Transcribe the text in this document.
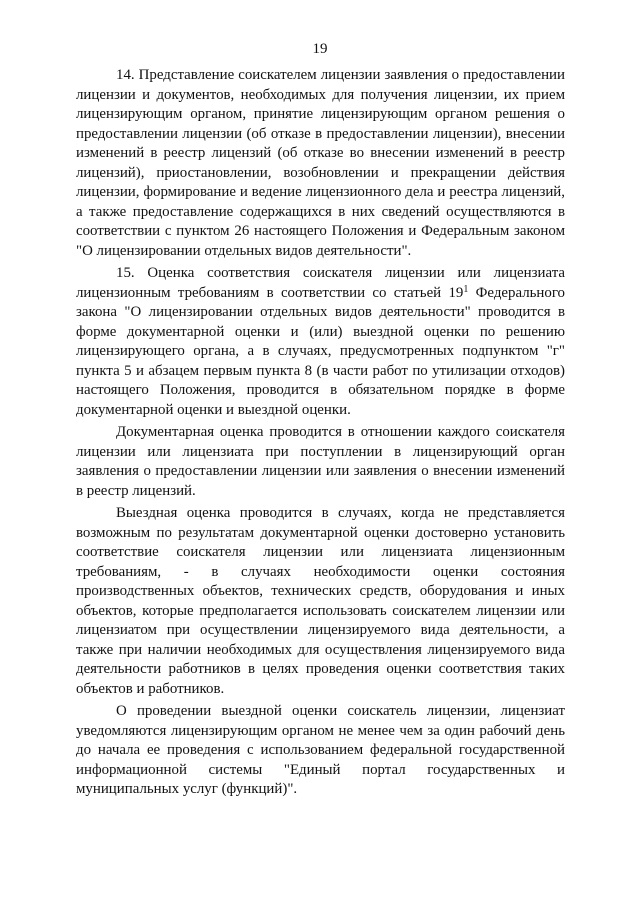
19

14. Представление соискателем лицензии заявления о предоставлении лицензии и документов, необходимых для получения лицензии, их прием лицензирующим органом, принятие лицензирующим органом решения о предоставлении лицензии (об отказе в предоставлении лицензии), внесении изменений в реестр лицензий (об отказе во внесении изменений в реестр лицензий), приостановлении, возобновлении и прекращении действия лицензии, формирование и ведение лицензионного дела и реестра лицензий, а также предоставление содержащихся в них сведений осуществляются в соответствии с пунктом 26 настоящего Положения и Федеральным законом "О лицензировании отдельных видов деятельности".

15. Оценка соответствия соискателя лицензии или лицензиата лицензионным требованиям в соответствии со статьей $19^1$ Федерального закона "О лицензировании отдельных видов деятельности" проводится в форме документарной оценки и (или) выездной оценки по решению лицензирующего органа, а в случаях, предусмотренных подпунктом "г" пункта 5 и абзацем первым пункта 8 (в части работ по утилизации отходов) настоящего Положения, проводится в обязательном порядке в форме документарной оценки и выездной оценки.

Документарная оценка проводится в отношении каждого соискателя лицензии или лицензиата при поступлении в лицензирующий орган заявления о предоставлении лицензии или заявления о внесении изменений в реестр лицензий.

Выездная оценка проводится в случаях, когда не представляется возможным по результатам документарной оценки достоверно установить соответствие соискателя лицензии или лицензиата лицензионным требованиям, - в случаях необходимости оценки состояния производственных объектов, технических средств, оборудования и иных объектов, которые предполагается использовать соискателем лицензии или лицензиатом при осуществлении лицензируемого вида деятельности, а также при наличии необходимых для осуществления лицензируемого вида деятельности работников в целях проведения оценки соответствия таких объектов и работников.

О проведении выездной оценки соискатель лицензии, лицензиат уведомляются лицензирующим органом не менее чем за один рабочий день до начала ее проведения с использованием федеральной государственной информационной системы "Единый портал государственных и муниципальных услуг (функций)".
